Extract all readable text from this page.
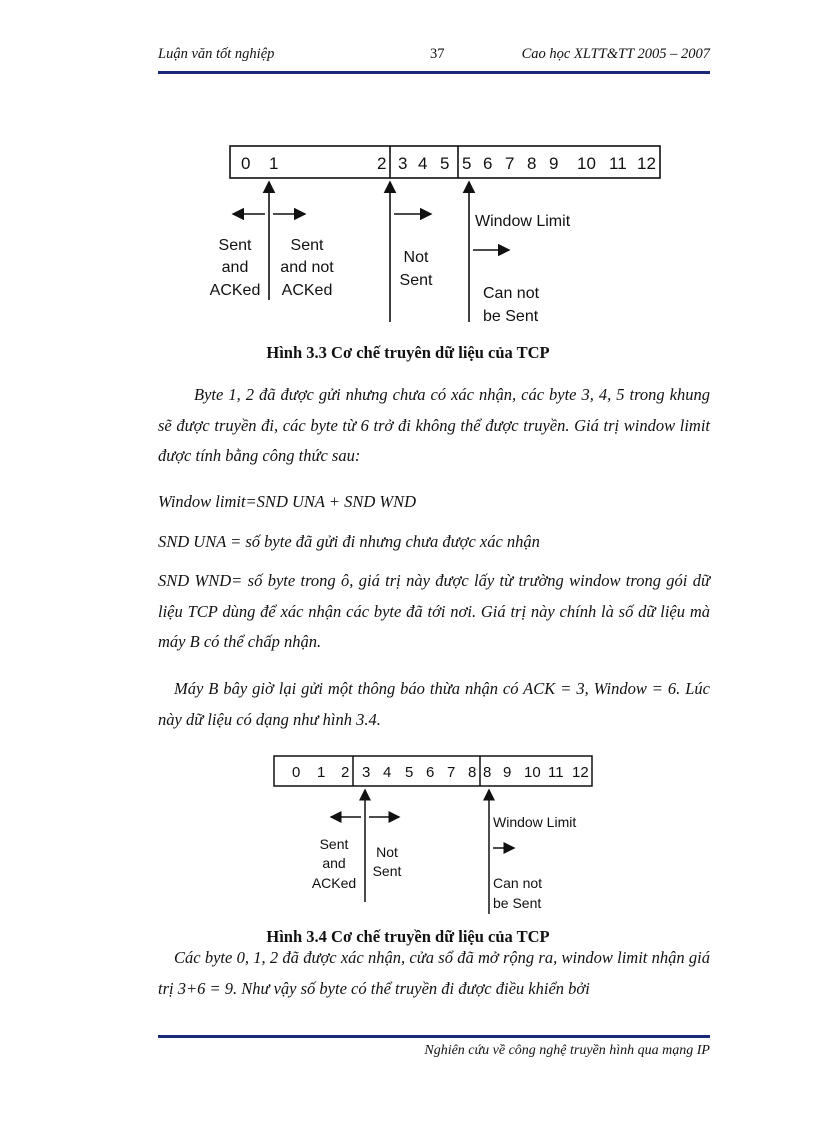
Luận văn tốt nghiệp	37	Cao học XLTT&TT 2005 – 2007
0 1	2 3 4 5 5 6 7 8 9 10 11 12
Sent
and
ACKed
Sent
and not
ACKed
Not
Sent
Window Limit
Can not
be Sent
Hình 3.3 Cơ chế truyên dữ liệu của TCP
Byte 1, 2 đã được gửi nhưng chưa có xác nhận, các byte 3, 4, 5 trong khung sẽ được truyền đi, các byte từ 6 trở đi không thể được truyền. Giá trị window limit được tính bằng công thức sau:
Window limit=SND UNA + SND WND
SND UNA = số byte đã gửi đi nhưng chưa được xác nhận
SND WND= số byte trong ô, giá trị này được lấy từ trường window trong gói dữ liệu TCP dùng để xác nhận các byte đã tới nơi. Giá trị này chính là số dữ liệu mà máy B có thể chấp nhận.
Máy B bây giờ lại gửi một thông báo thừa nhận có ACK = 3, Window = 6. Lúc này dữ liệu có dạng như hình 3.4.
0 1 2 3 4 5 6 7 8 8 9 10 11 12
Sent
and
ACKed
Not
Sent
Window Limit
Can not
be Sent
Hình 3.4 Cơ chế truyền dữ liệu của TCP
Các byte 0, 1, 2 đã được xác nhận, cửa sổ đã mở rộng ra, window limit nhận giá trị 3+6 = 9. Như vậy số byte có thể truyền đi được điều khiển bởi
Nghiên cứu về công nghệ truyền hình qua mạng IP
